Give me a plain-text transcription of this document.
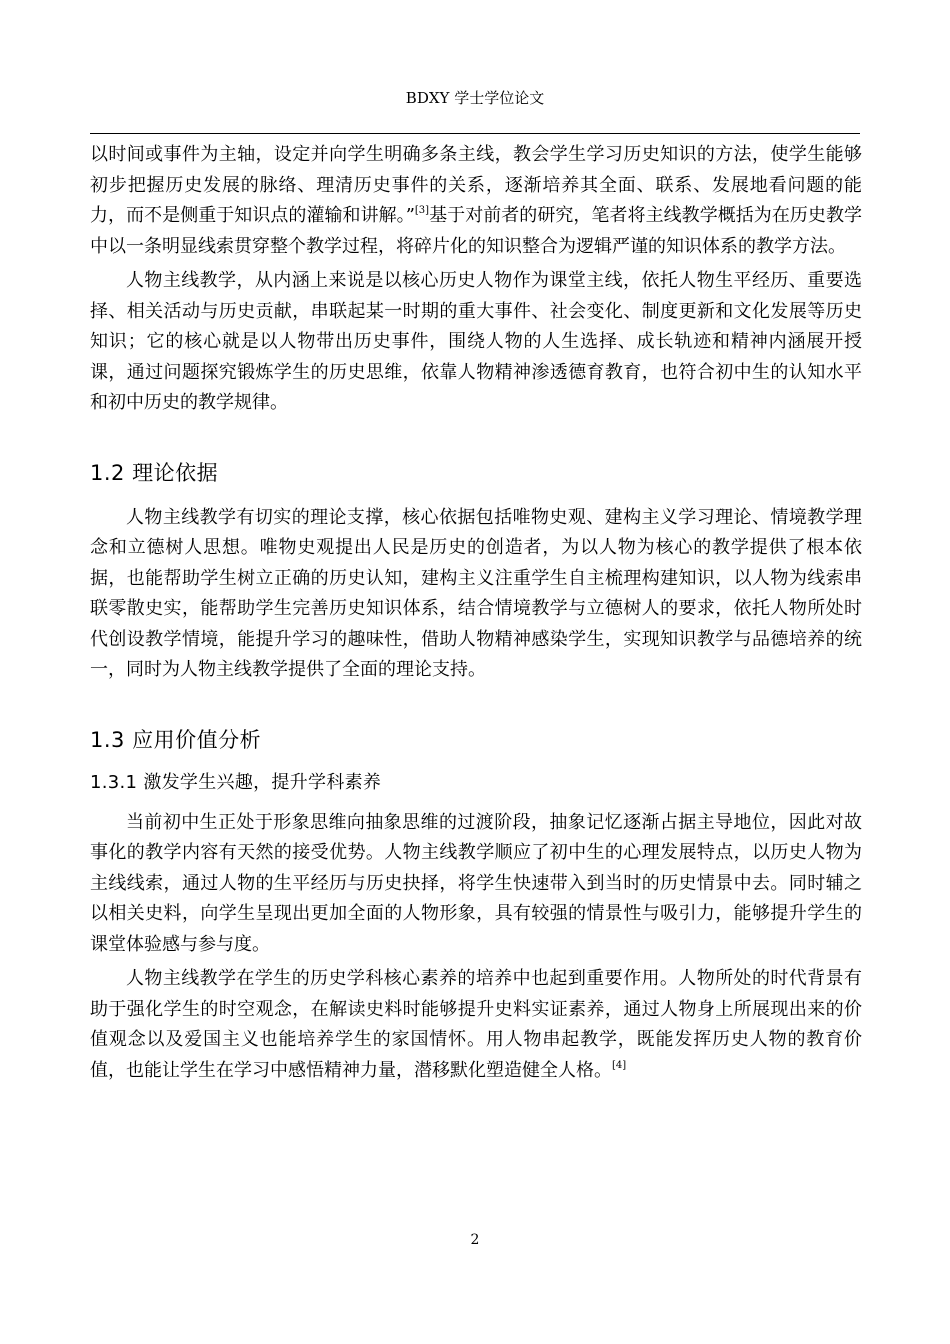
BDXY 学士学位论文

以时间或事件为主轴，设定并向学生明确多条主线，教会学生学习历史知识的方法，使学生能够初步把握历史发展的脉络、理清历史事件的关系，逐渐培养其全面、联系、发展地看问题的能力，而不是侧重于知识点的灌输和讲解。”[3]基于对前者的研究，笔者将主线教学概括为在历史教学中以一条明显线索贯穿整个教学过程，将碎片化的知识整合为逻辑严谨的知识体系的教学方法。

人物主线教学，从内涵上来说是以核心历史人物作为课堂主线，依托人物生平经历、重要选择、相关活动与历史贡献，串联起某一时期的重大事件、社会变化、制度更新和文化发展等历史知识；它的核心就是以人物带出历史事件，围绕人物的人生选择、成长轨迹和精神内涵展开授课，通过问题探究锻炼学生的历史思维，依靠人物精神渗透德育教育，也符合初中生的认知水平和初中历史的教学规律。

1.2 理论依据

人物主线教学有切实的理论支撑，核心依据包括唯物史观、建构主义学习理论、情境教学理念和立德树人思想。唯物史观提出人民是历史的创造者，为以人物为核心的教学提供了根本依据，也能帮助学生树立正确的历史认知，建构主义注重学生自主梳理构建知识，以人物为线索串联零散史实，能帮助学生完善历史知识体系，结合情境教学与立德树人的要求，依托人物所处时代创设教学情境，能提升学习的趣味性，借助人物精神感染学生，实现知识教学与品德培养的统一，同时为人物主线教学提供了全面的理论支持。

1.3 应用价值分析
1.3.1 激发学生兴趣，提升学科素养

当前初中生正处于形象思维向抽象思维的过渡阶段，抽象记忆逐渐占据主导地位，因此对故事化的教学内容有天然的接受优势。人物主线教学顺应了初中生的心理发展特点，以历史人物为主线线索，通过人物的生平经历与历史抉择，将学生快速带入到当时的历史情景中去。同时辅之以相关史料，向学生呈现出更加全面的人物形象，具有较强的情景性与吸引力，能够提升学生的课堂体验感与参与度。

人物主线教学在学生的历史学科核心素养的培养中也起到重要作用。人物所处的时代背景有助于强化学生的时空观念，在解读史料时能够提升史料实证素养，通过人物身上所展现出来的价值观念以及爱国主义也能培养学生的家国情怀。用人物串起教学，既能发挥历史人物的教育价值，也能让学生在学习中感悟精神力量，潜移默化塑造健全人格。[4]

2
